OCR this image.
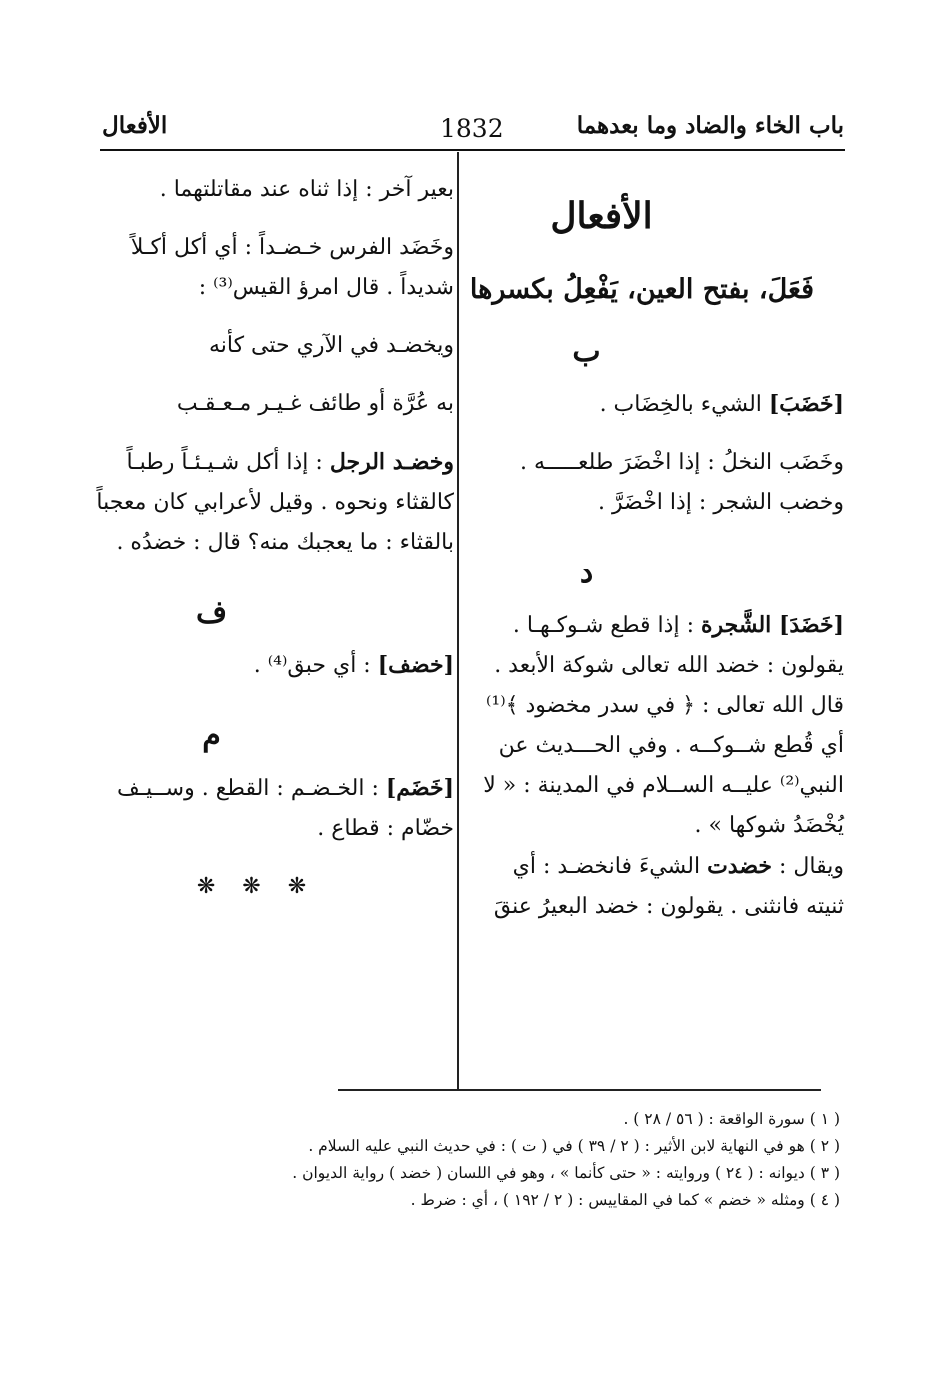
باب الخاء والضاد وما بعدهما
1832
الأفعال

الأفعال

فَعَلَ، بفتح العين، يَفْعِلُ بكسرها

ب

[خَضَبَ] الشيء بالخِضَاب .

وخَضَب النخلُ : إذا اخْضَرَ طلعـــــه .

وخضب الشجر : إذا اخْضَرَّ .

د

[خَضَدَ] الشَّجرة : إذا قطع شـوكـهـا .

يقولون : خضد الله تعالى شوكة الأبعد .

قال الله تعالى : ﴿ في سدر مخضود ﴾⁽¹⁾

أي قُطع شــوكــه . وفي الحـــديث عن

النبي⁽²⁾ عليــه الســلام في المدينة : « لا

يُخْضَدُ شوكها » .

ويقال : خضدت الشيءَ فانخضـد : أي

ثنيته فانثنى . يقولون : خضد البعيرُ عنقَ

بعير آخر : إذا ثناه عند مقاتلتهما .

وخَضَد الفرس خـضـداً : أي أكل أكـلاً

شديداً . قال امرؤ القيس⁽³⁾ :

ويخضـد في الآري حتى كأنه

به عُرَّة أو طائف غـيـر مـعـقـب

وخضـد الرجل : إذا أكل شـيـئـاً رطبـاً

كالقثاء ونحوه . وقيل لأعرابي كان معجباً

بالقثاء : ما يعجبك منه؟ قال : خضدُه .

ف

[خضف] : أي حبق⁽⁴⁾ .

م

[خَضَم] : الخـضـم : القطع . وســيـف

خضّام : قطاع .

❋ ❋ ❋

( ١ ) سورة الواقعة : ( ٥٦ / ٢٨ ) .

( ٢ ) هو في النهاية لابن الأثير : ( ٢ / ٣٩ ) في ( ت ) : في حديث النبي عليه السلام .

( ٣ ) ديوانه : ( ٢٤ ) وروايته : « حتى كأنما » ، وهو في اللسان ( خضد ) رواية الديوان .

( ٤ ) ومثله « خضم » كما في المقاييس : ( ٢ / ١٩٢ ) ، أي : ضرط .
